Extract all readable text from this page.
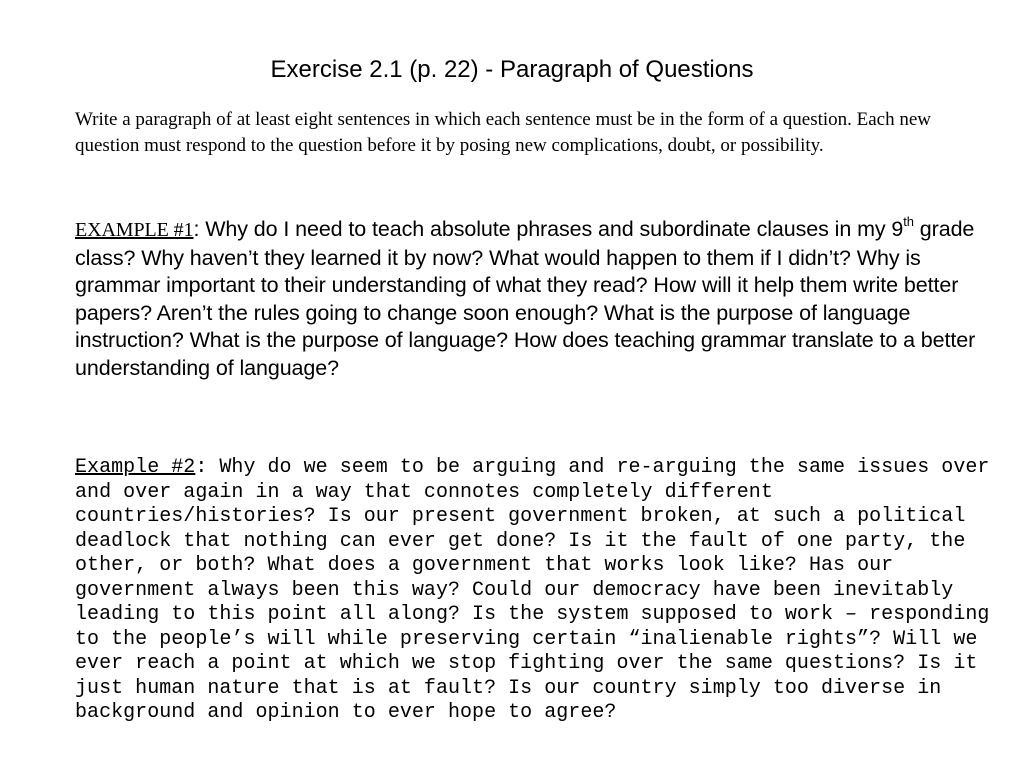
Exercise 2.1 (p. 22) - Paragraph of Questions
Write a paragraph of at least eight sentences in which each sentence must be in the form of a question. Each new question must respond to the question before it by posing new complications, doubt, or possibility.
EXAMPLE #1: Why do I need to teach absolute phrases and subordinate clauses in my 9th grade class? Why haven’t they learned it by now? What would happen to them if I didn’t? Why is grammar important to their understanding of what they read? How will it help them write better papers? Aren’t the rules going to change soon enough? What is the purpose of language instruction? What is the purpose of language? How does teaching grammar translate to a better understanding of language?
Example #2: Why do we seem to be arguing and re-arguing the same issues over and over again in a way that connotes completely different countries/histories? Is our present government broken, at such a political deadlock that nothing can ever get done? Is it the fault of one party, the other, or both? What does a government that works look like? Has our government always been this way? Could our democracy have been inevitably leading to this point all along? Is the system supposed to work – responding to the people’s will while preserving certain “inalienable rights”? Will we ever reach a point at which we stop fighting over the same questions? Is it just human nature that is at fault? Is our country simply too diverse in background and opinion to ever hope to agree?
